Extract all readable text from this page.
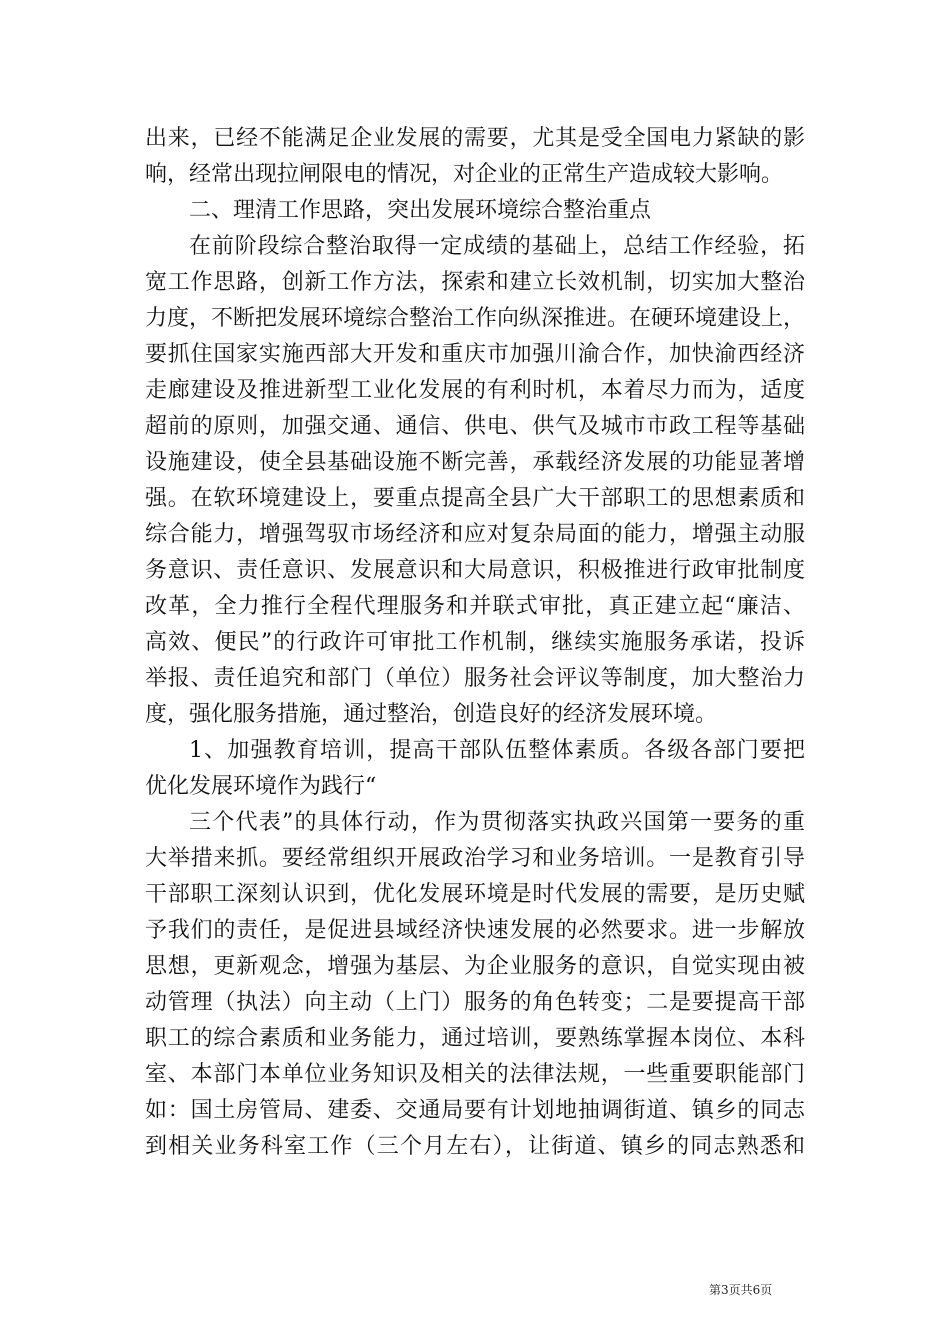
出来，已经不能满足企业发展的需要，尤其是受全国电力紧缺的影
响，经常出现拉闸限电的情况，对企业的正常生产造成较大影响。
二、理清工作思路，突出发展环境综合整治重点
在前阶段综合整治取得一定成绩的基础上，总结工作经验，拓
宽工作思路，创新工作方法，探索和建立长效机制，切实加大整治
力度，不断把发展环境综合整治工作向纵深推进。在硬环境建设上，
要抓住国家实施西部大开发和重庆市加强川渝合作，加快渝西经济
走廊建设及推进新型工业化发展的有利时机，本着尽力而为，适度
超前的原则，加强交通、通信、供电、供气及城市市政工程等基础
设施建设，使全县基础设施不断完善，承载经济发展的功能显著增
强。在软环境建设上，要重点提高全县广大干部职工的思想素质和
综合能力，增强驾驭市场经济和应对复杂局面的能力，增强主动服
务意识、责任意识、发展意识和大局意识，积极推进行政审批制度
改革，全力推行全程代理服务和并联式审批，真正建立起“廉洁、
高效、便民”的行政许可审批工作机制，继续实施服务承诺，投诉
举报、责任追究和部门（单位）服务社会评议等制度，加大整治力
度，强化服务措施，通过整治，创造良好的经济发展环境。
1、加强教育培训，提高干部队伍整体素质。各级各部门要把
优化发展环境作为践行“
三个代表”的具体行动，作为贯彻落实执政兴国第一要务的重
大举措来抓。要经常组织开展政治学习和业务培训。一是教育引导
干部职工深刻认识到，优化发展环境是时代发展的需要，是历史赋
予我们的责任，是促进县域经济快速发展的必然要求。进一步解放
思想，更新观念，增强为基层、为企业服务的意识，自觉实现由被
动管理（执法）向主动（上门）服务的角色转变；二是要提高干部
职工的综合素质和业务能力，通过培训，要熟练掌握本岗位、本科
室、本部门本单位业务知识及相关的法律法规，一些重要职能部门
如：国土房管局、建委、交通局要有计划地抽调街道、镇乡的同志
到相关业务科室工作（三个月左右），让街道、镇乡的同志熟悉和
第3页共6页
